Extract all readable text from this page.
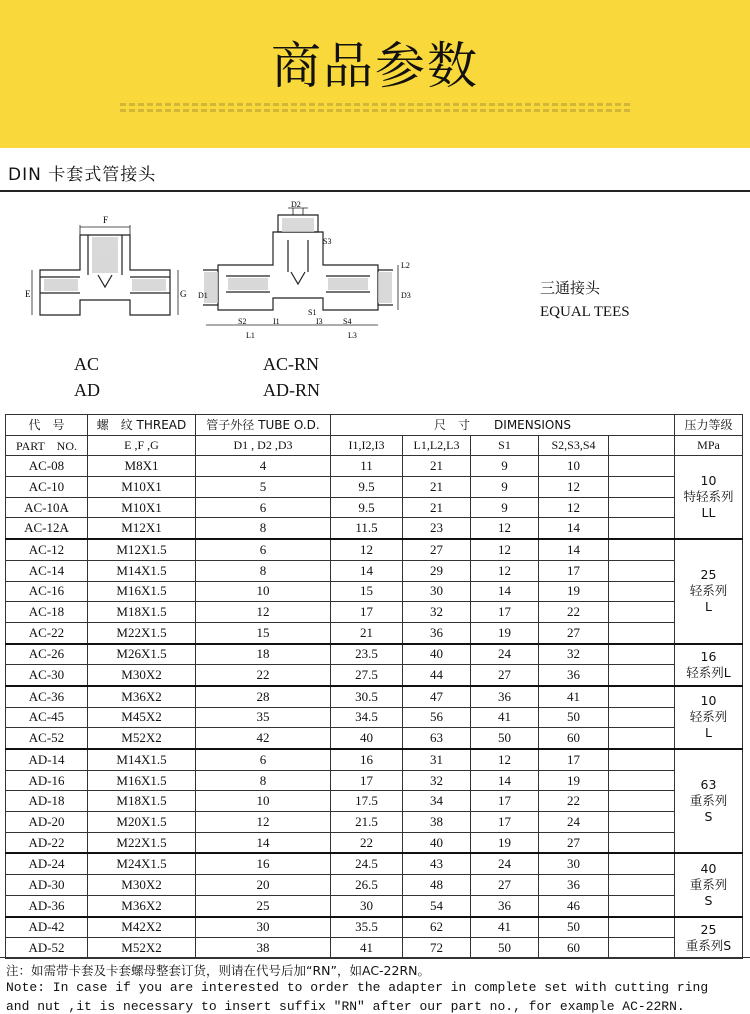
商品参数
DIN 卡套式管接头
F
E	G
D2
S3
L2
D1	D3
S2	I1
S1
I3	S4
L1	L3
AC
AD
AC-RN
AD-RN
三通接头
EQUAL TEES
代　号	螺　纹 THREAD	管子外径 TUBE O.D.	尺　寸　　DIMENSIONS					压力等级
PART　NO.	E ,F ,G	D1 , D2 ,D3	I1,I2,I3	L1,L2,L3	S1	S2,S3,S4		MPa
AC-08	M8X1	4	11	21	9	10		10
特轻系列
LL

AC-10	M10X1	5	9.5	21	9	12		
AC-10A	M10X1	6	9.5	21	9	12		
AC-12A	M12X1	8	11.5	23	12	14		
AC-12	M12X1.5	6	12	27	12	14		25
轻系列
L

AC-14	M14X1.5	8	14	29	12	17		
AC-16	M16X1.5	10	15	30	14	19		
AC-18	M18X1.5	12	17	32	17	22		
AC-22	M22X1.5	15	21	36	19	27		
AC-26	M26X1.5	18	23.5	40	24	32		16
轻系列L

AC-30	M30X2	22	27.5	44	27	36		
AC-36	M36X2	28	30.5	47	36	41		10
轻系列
L

AC-45	M45X2	35	34.5	56	41	50		
AC-52	M52X2	42	40	63	50	60		
AD-14	M14X1.5	6	16	31	12	17		63
重系列
S

AD-16	M16X1.5	8	17	32	14	19		
AD-18	M18X1.5	10	17.5	34	17	22		
AD-20	M20X1.5	12	21.5	38	17	24		
AD-22	M22X1.5	14	22	40	19	27		
AD-24	M24X1.5	16	24.5	43	24	30		40
重系列
S

AD-30	M30X2	20	26.5	48	27	36		
AD-36	M36X2	25	30	54	36	46		
AD-42	M42X2	30	35.5	62	41	50		25
重系列S

AD-52	M52X2	38	41	72	50	60		
注：如需带卡套及卡套螺母整套订货，则请在代号后加“RN”，如AC-22RN。
Note: In case if you are interested to order the adapter in complete set with cutting ring
and nut ,it is necessary to insert suffix "RN" after our part no., for example AC-22RN.
